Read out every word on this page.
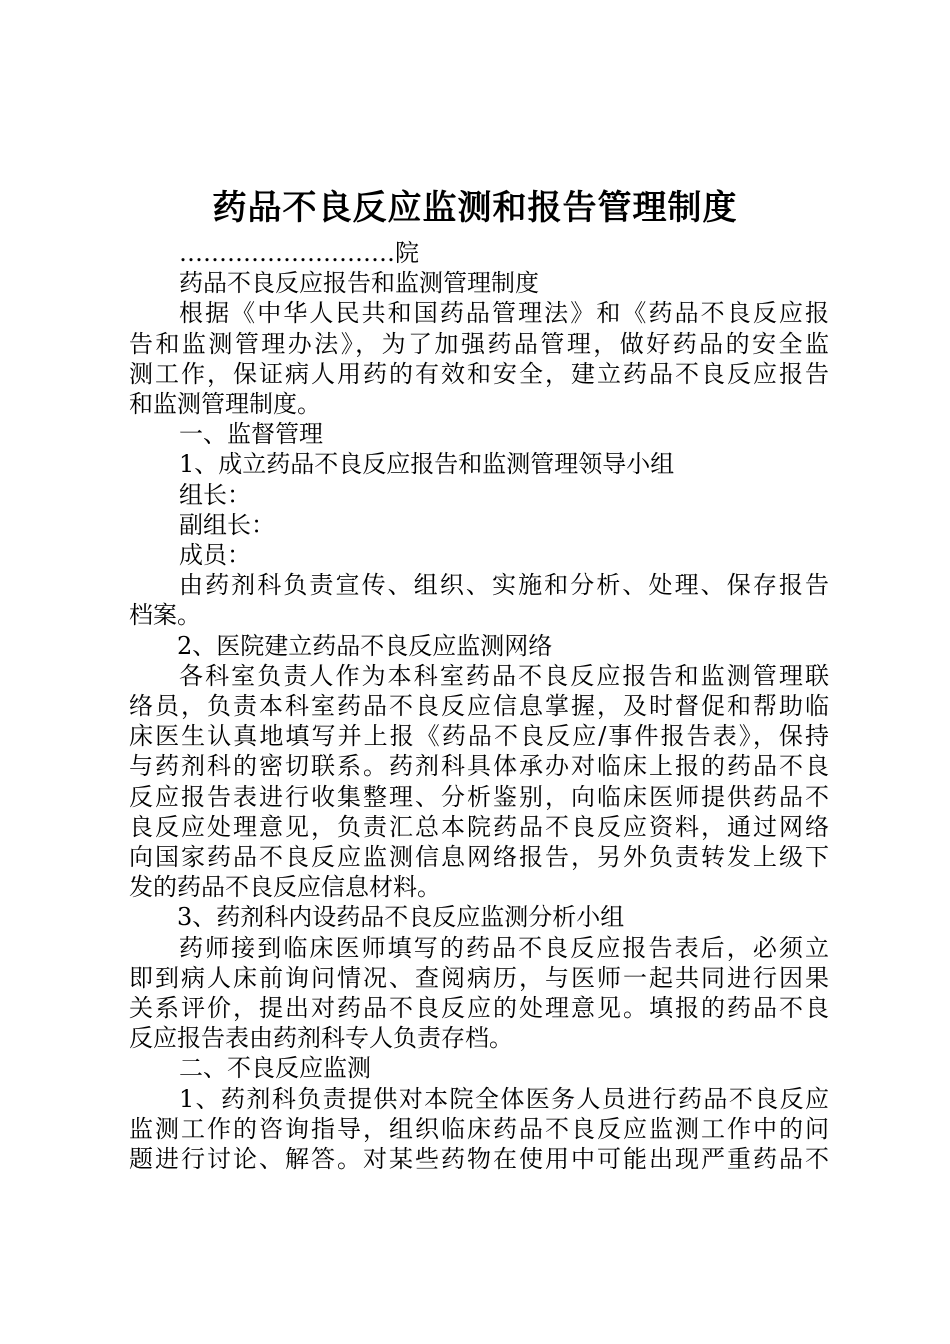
药品不良反应监测和报告管理制度

………………………院

药品不良反应报告和监测管理制度

根据《中华人民共和国药品管理法》和《药品不良反应报

告和监测管理办法》，为了加强药品管理，做好药品的安全监

测工作，保证病人用药的有效和安全，建立药品不良反应报告

和监测管理制度。

一、监督管理

1、成立药品不良反应报告和监测管理领导小组

组长：

副组长：

成员：

由药剂科负责宣传、组织、实施和分析、处理、保存报告

档案。

2、医院建立药品不良反应监测网络

各科室负责人作为本科室药品不良反应报告和监测管理联

络员，负责本科室药品不良反应信息掌握，及时督促和帮助临

床医生认真地填写并上报《药品不良反应/事件报告表》，保持

与药剂科的密切联系。药剂科具体承办对临床上报的药品不良

反应报告表进行收集整理、分析鉴别，向临床医师提供药品不

良反应处理意见，负责汇总本院药品不良反应资料，通过网络

向国家药品不良反应监测信息网络报告，另外负责转发上级下

发的药品不良反应信息材料。

3、药剂科内设药品不良反应监测分析小组

药师接到临床医师填写的药品不良反应报告表后，必须立

即到病人床前询问情况、查阅病历，与医师一起共同进行因果

关系评价，提出对药品不良反应的处理意见。填报的药品不良

反应报告表由药剂科专人负责存档。

二、不良反应监测

1、药剂科负责提供对本院全体医务人员进行药品不良反应

监测工作的咨询指导，组织临床药品不良反应监测工作中的问

题进行讨论、解答。对某些药物在使用中可能出现严重药品不
